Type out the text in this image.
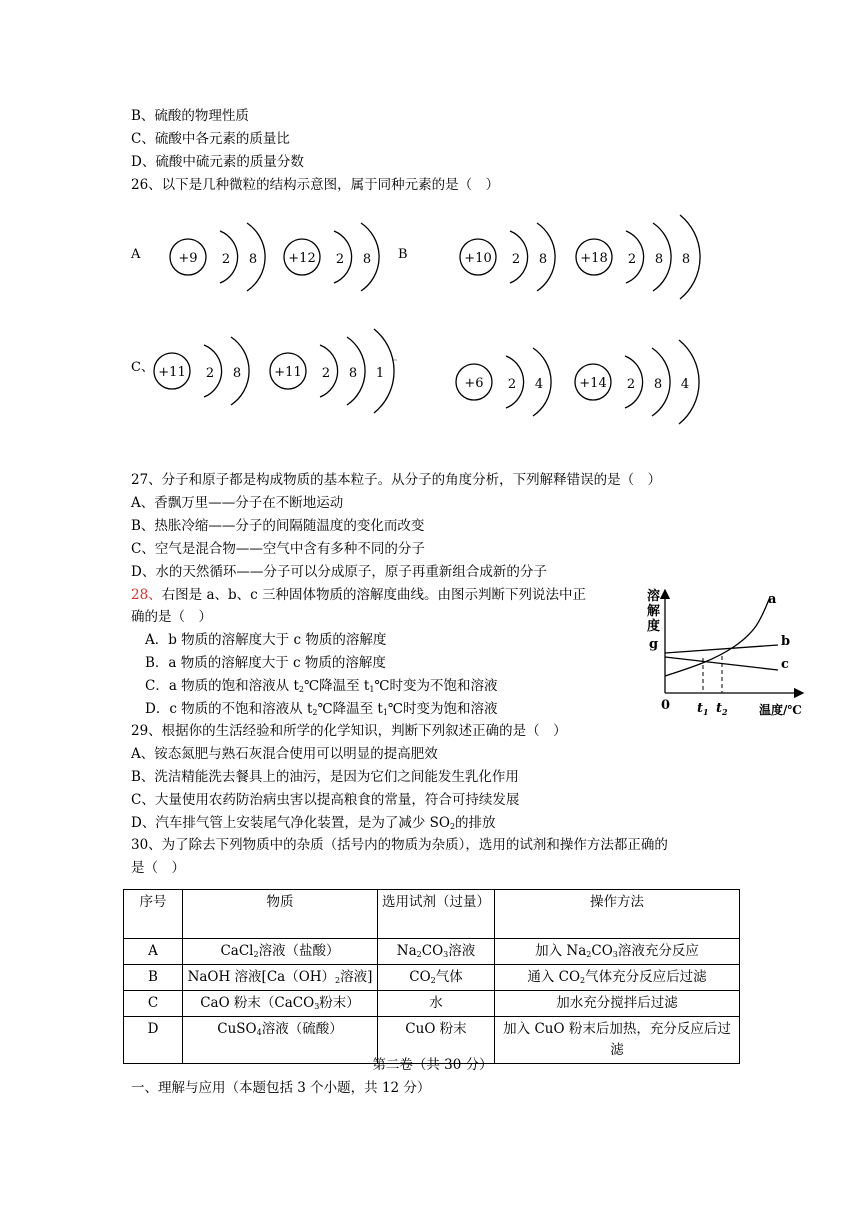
B、硫酸的物理性质
C、硫酸中各元素的质量比
D、硫酸中硫元素的质量分数
26、以下是几种微粒的结构示意图，属于同种元素的是（　）
A	B
C、
+9 2 8 +12 2 8	+10 2 8	+18 2 8 8
+11 2 8	+11 2 8 1
+6 2 4	+14 2 8 4
27、分子和原子都是构成物质的基本粒子。从分子的角度分析，下列解释错误的是（　）
A、香飘万里——分子在不断地运动
B、热胀冷缩——分子的间隔随温度的变化而改变
C、空气是混合物——空气中含有多种不同的分子
D、水的天然循环——分子可以分成原子，原子再重新组合成新的分子
28、右图是 a、b、c 三种固体物质的溶解度曲线。由图示判断下列说法中正
确的是（　）
A．b 物质的溶解度大于 c 物质的溶解度
B．a 物质的溶解度大于 c 物质的溶解度
C．a 物质的饱和溶液从 $t_2℃$降温至 $t_1℃$时变为不饱和溶液
D．c 物质的不饱和溶液从 $t_2℃$降温至 $t_1℃$时变为饱和溶液
溶
解
度
g
0 $t_1$ $t_2$	温度/℃
a
b
c
29、根据你的生活经验和所学的化学知识，判断下列叙述正确的是（　）
A、铵态氮肥与熟石灰混合使用可以明显的提高肥效
B、洗洁精能洗去餐具上的油污，是因为它们之间能发生乳化作用
C、大量使用农药防治病虫害以提高粮食的常量，符合可持续发展
D、汽车排气管上安装尾气净化装置，是为了减少 $SO_2$的排放
30、为了除去下列物质中的杂质（括号内的物质为杂质），选用的试剂和操作方法都正确的
是（　）
序号	物质	选用试剂（过量）	操作方法
A	CaCl$_2$溶液（盐酸）	$Na_2CO_3$溶液	加入 $Na_2CO_3$溶液充分反应
B	NaOH 溶液[$Ca(OH)_2$溶液]	$CO_2$气体	通入 $CO_2$气体充分反应后过滤
C	CaO 粉末（CaCO$_3$粉末）	水	加水充分搅拌后过滤
D	CuSO$_4$溶液（硫酸）	CuO 粉末	加入 CuO 粉末后加热，充分反应后过滤
第二卷（共 30 分）
一、理解与应用（本题包括 3 个小题，共 12 分）
